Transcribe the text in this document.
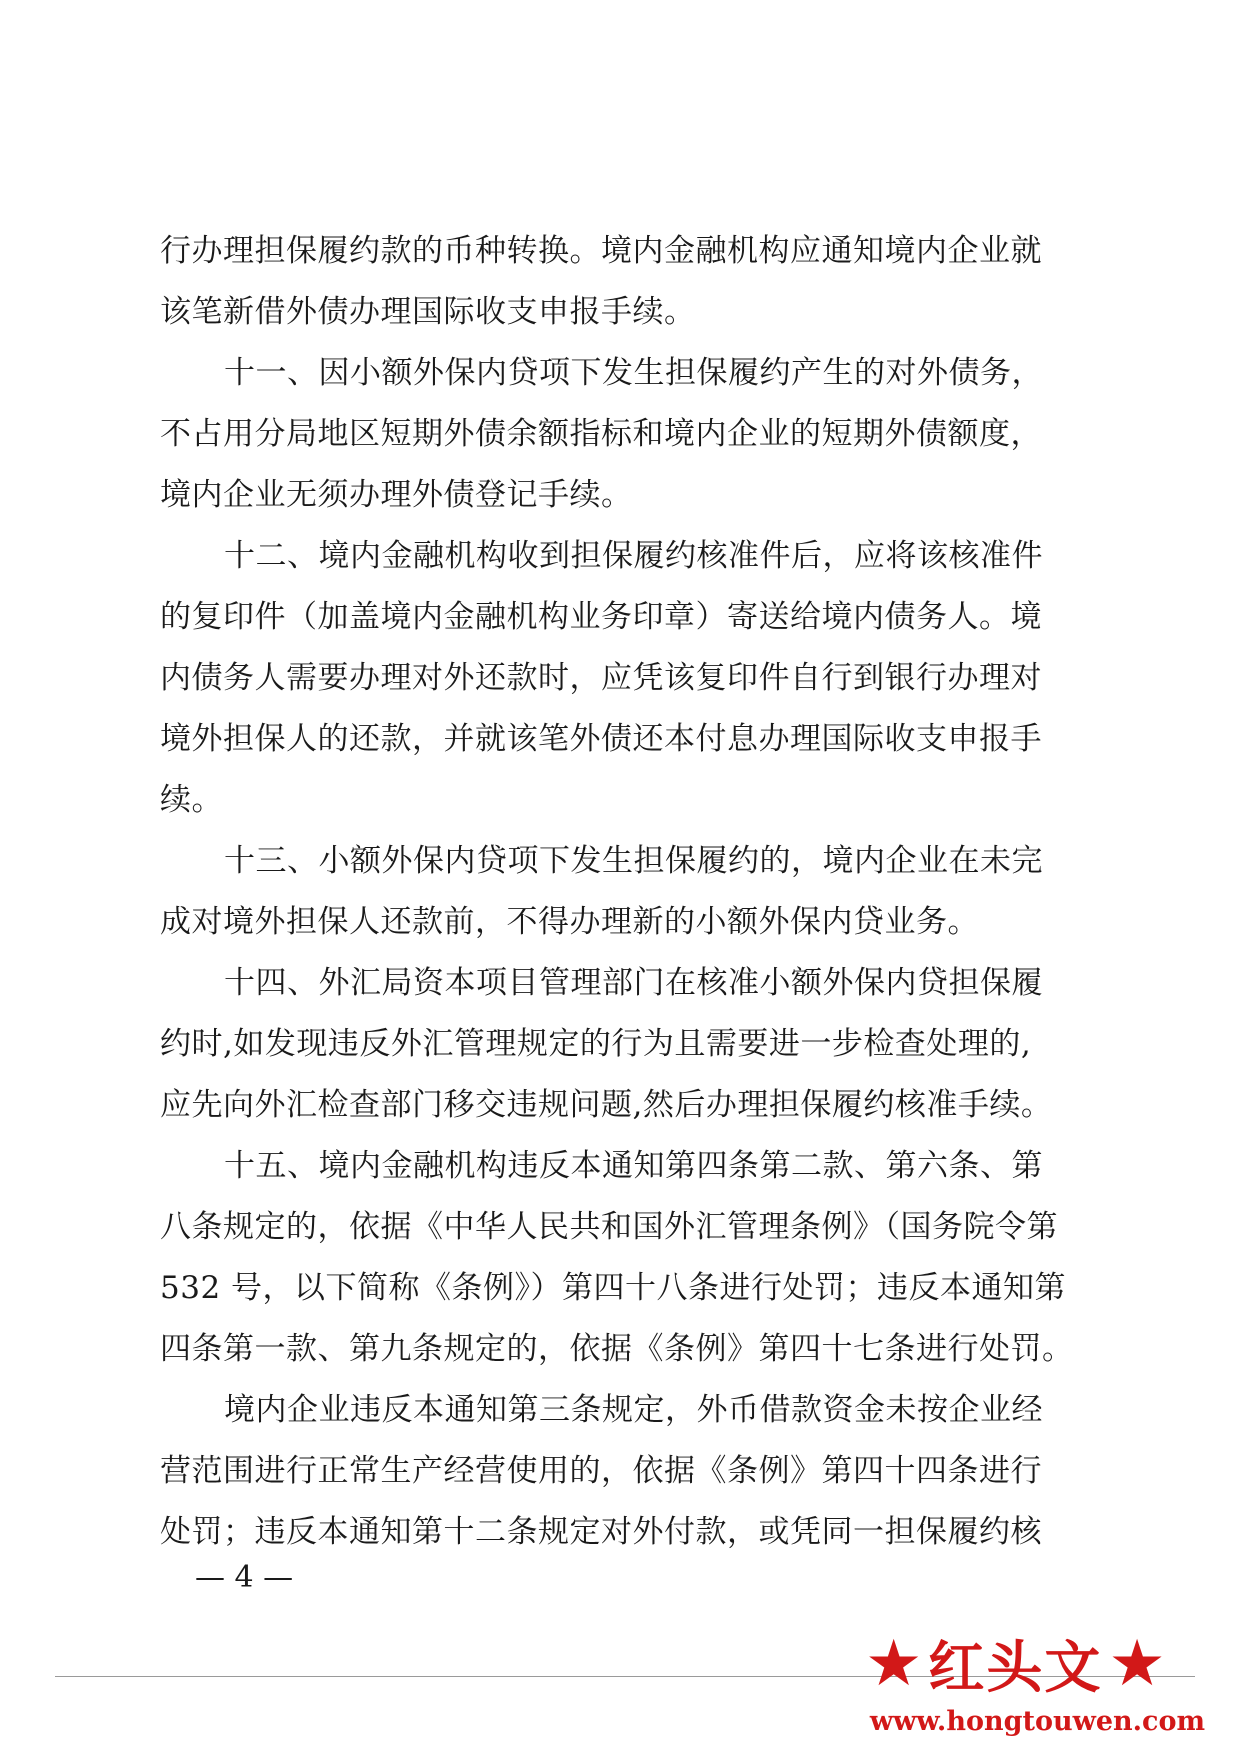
行办理担保履约款的币种转换。境内金融机构应通知境内企业就
该笔新借外债办理国际收支申报手续。
十一、因小额外保内贷项下发生担保履约产生的对外债务，
不占用分局地区短期外债余额指标和境内企业的短期外债额度，
境内企业无须办理外债登记手续。
十二、境内金融机构收到担保履约核准件后，应将该核准件
的复印件（加盖境内金融机构业务印章）寄送给境内债务人。境
内债务人需要办理对外还款时，应凭该复印件自行到银行办理对
境外担保人的还款，并就该笔外债还本付息办理国际收支申报手
续。
十三、小额外保内贷项下发生担保履约的，境内企业在未完
成对境外担保人还款前，不得办理新的小额外保内贷业务。
十四、外汇局资本项目管理部门在核准小额外保内贷担保履
约时,如发现违反外汇管理规定的行为且需要进一步检查处理的,
应先向外汇检查部门移交违规问题,然后办理担保履约核准手续。
十五、境内金融机构违反本通知第四条第二款、第六条、第
八条规定的，依据《中华人民共和国外汇管理条例》（国务院令第
532 号，以下简称《条例》）第四十八条进行处罚；违反本通知第
四条第一款、第九条规定的，依据《条例》第四十七条进行处罚。
境内企业违反本通知第三条规定，外币借款资金未按企业经
营范围进行正常生产经营使用的，依据《条例》第四十四条进行
处罚；违反本通知第十二条规定对外付款，或凭同一担保履约核
— 4 —
★ 红头文 ★
www.hongtouwen.com
